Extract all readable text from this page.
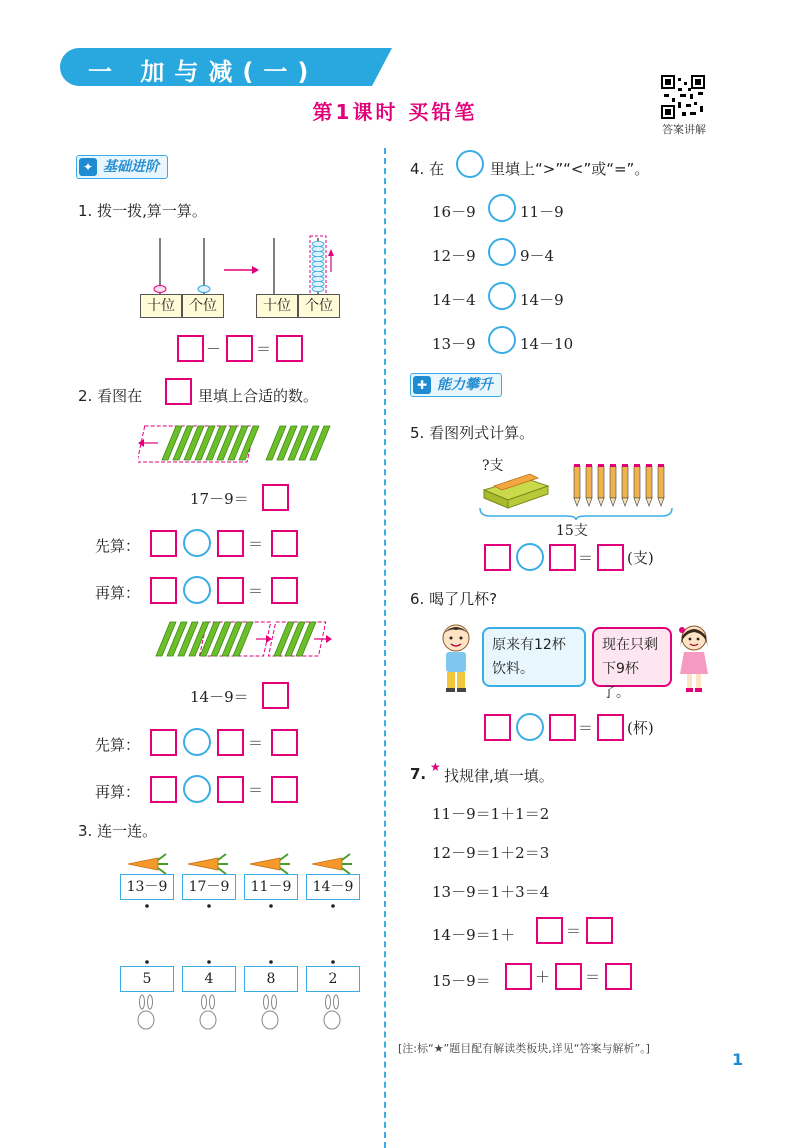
一 加与减(一)
第1课时 买铅笔
答案讲解
✦ 基础进阶
1. 拨一拨,算一算。
十位	个位	十位	个位
－ ＝
2. 看图在	里填上合适的数。
17－9＝
先算：	＝
再算：	＝
14－9＝
先算：	＝
再算：	＝
3. 连一连。
13－9	17－9	11－9	14－9
5	4	8	2
4. 在	里填上“>”“<”或“=”。
16－9	11－9
12－9	9－4
14－4	14－9
13－9	14－10
✚ 能力攀升
5. 看图列式计算。
?支
15支
＝ (支)
6. 喝了几杯?
原来有12杯饮料。
现在只剩下9杯了。
＝ (杯)
7. ★ 找规律,填一填。
11－9＝1＋1＝2
12－9＝1＋2＝3
13－9＝1＋3＝4
14－9＝1＋	＝
15－9＝	＋ ＝
[注:标“★”题目配有解读类板块,详见“答案与解析”。]
1
